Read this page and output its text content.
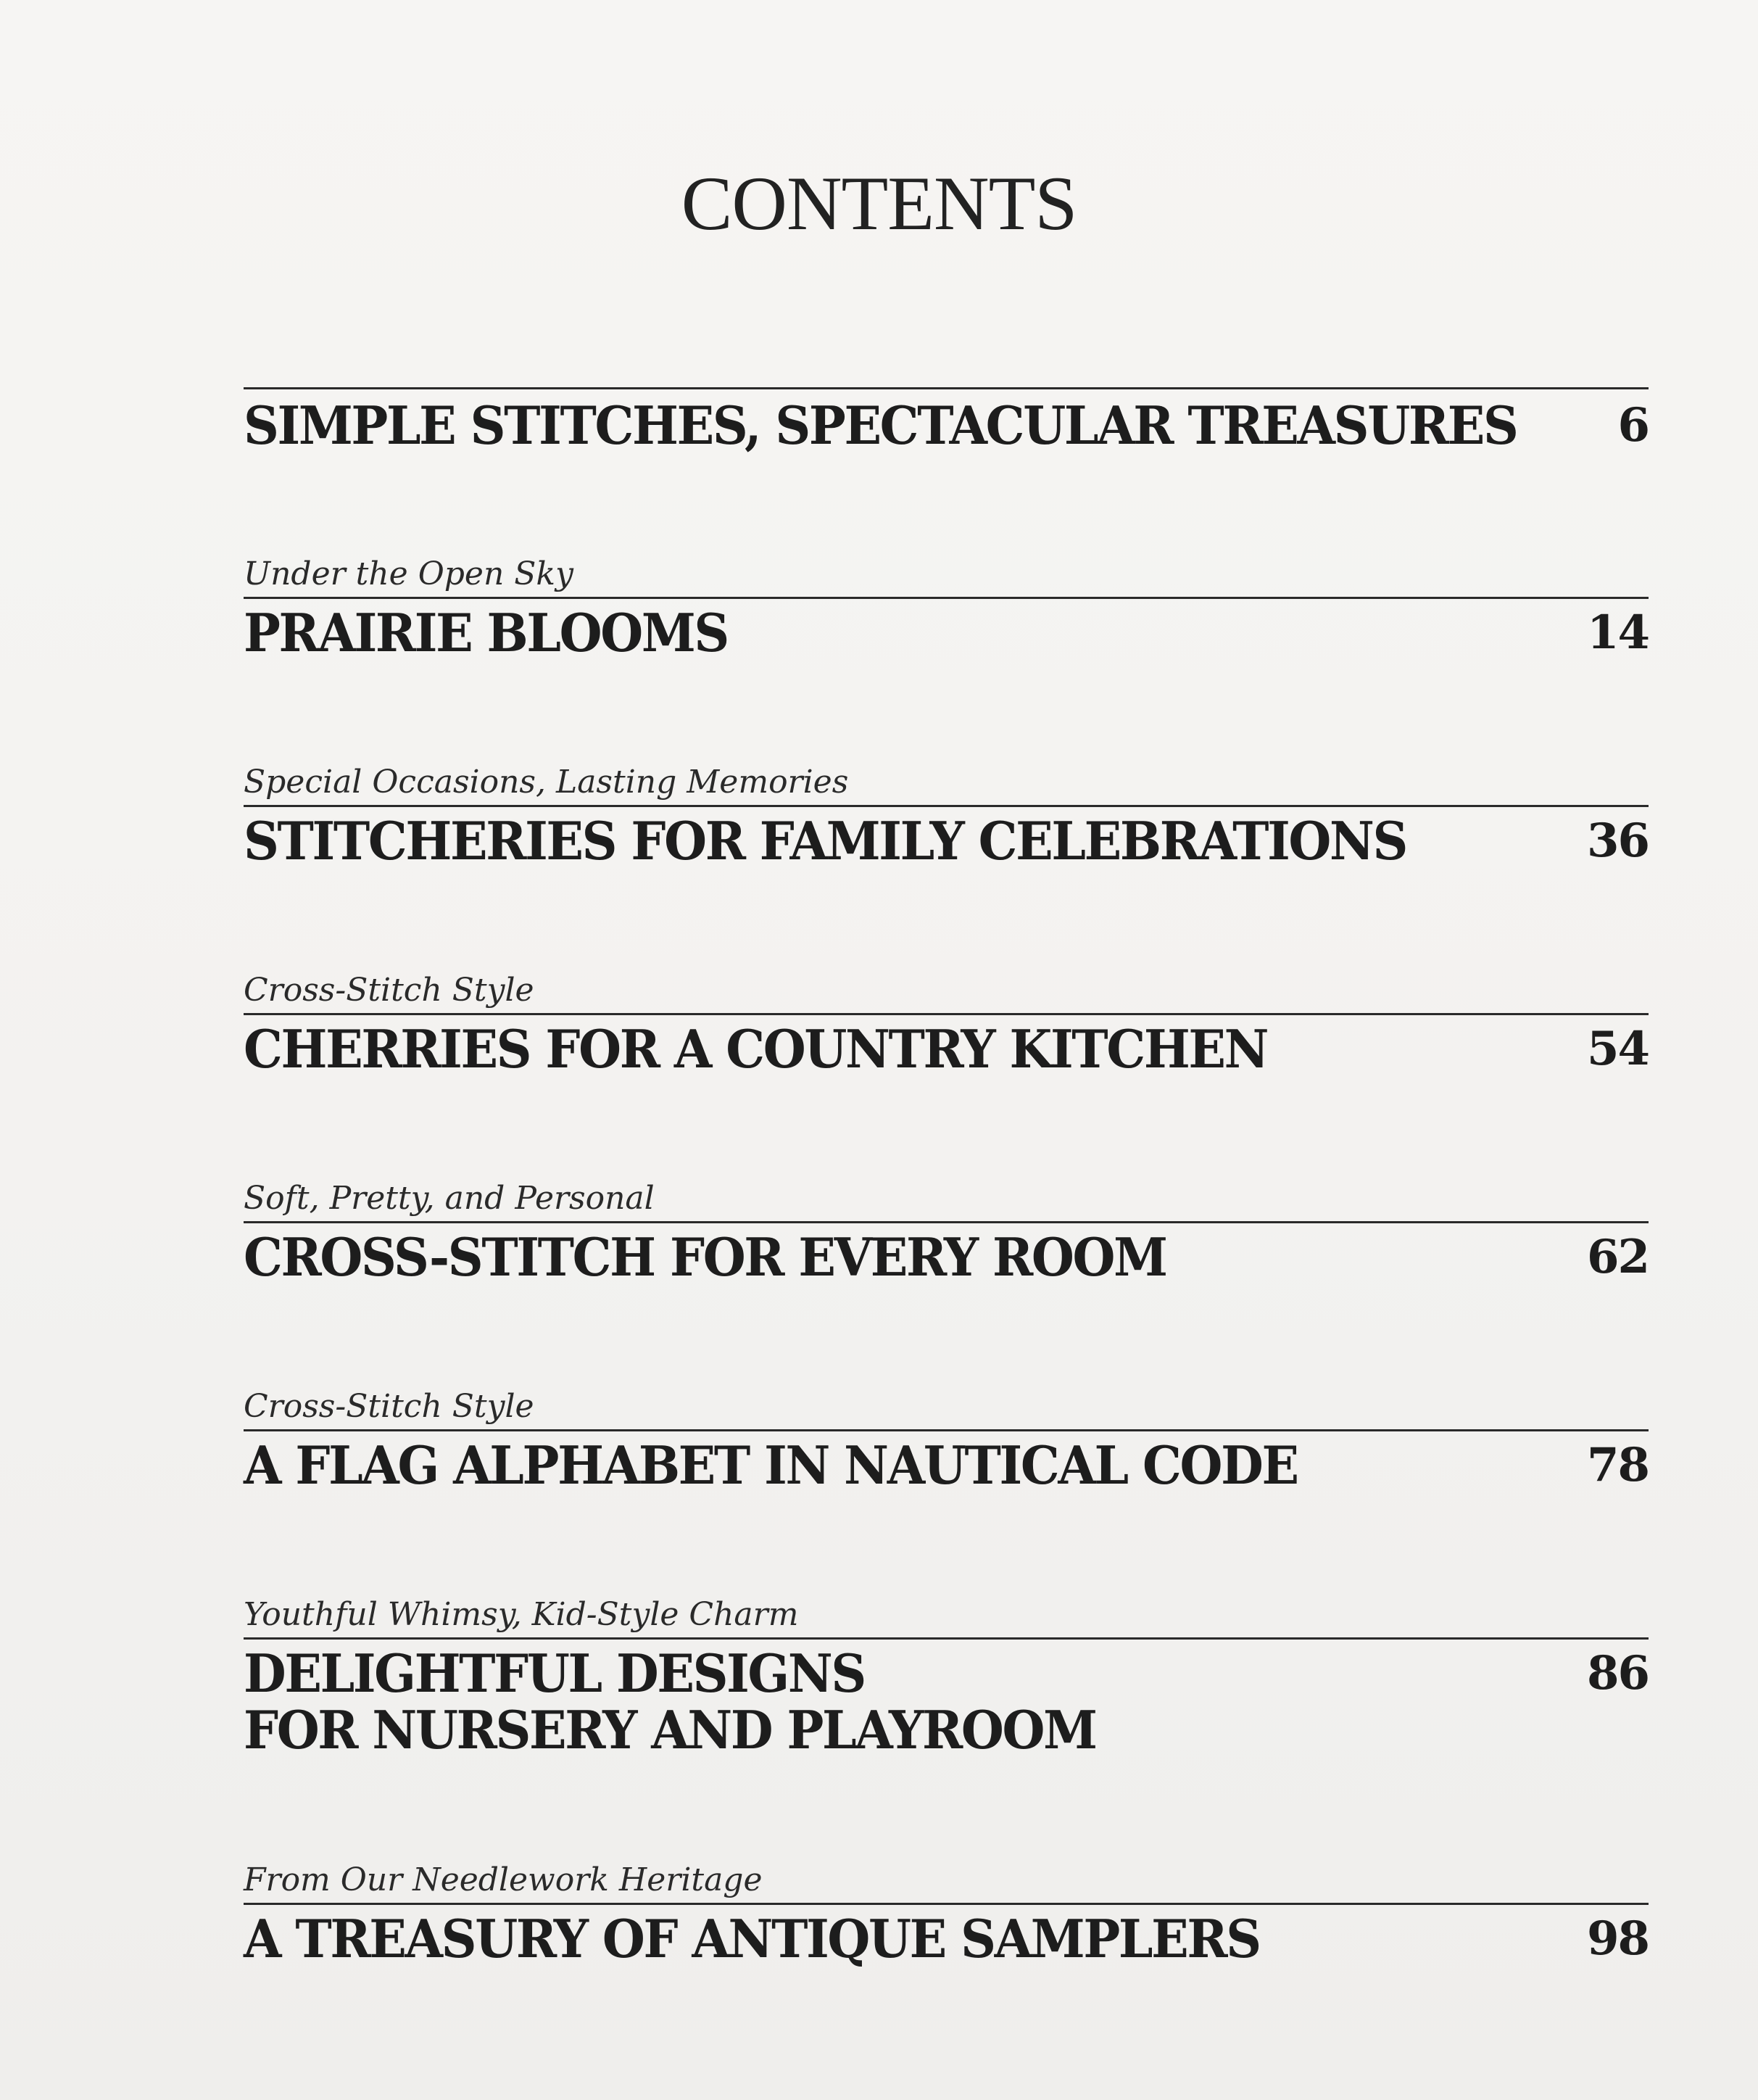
CONTENTS
SIMPLE STITCHES, SPECTACULAR TREASURES 6
Under the Open Sky
PRAIRIE BLOOMS	14
Special Occasions, Lasting Memories
STITCHERIES FOR FAMILY CELEBRATIONS	36
Cross-Stitch Style
CHERRIES FOR A COUNTRY KITCHEN	54
Soft, Pretty, and Personal
CROSS-STITCH FOR EVERY ROOM	62
Cross-Stitch Style
A FLAG ALPHABET IN NAUTICAL CODE	78
Youthful Whimsy, Kid-Style Charm
DELIGHTFUL DESIGNS
FOR NURSERY AND PLAYROOM
86
From Our Needlework Heritage
A TREASURY OF ANTIQUE SAMPLERS	98
